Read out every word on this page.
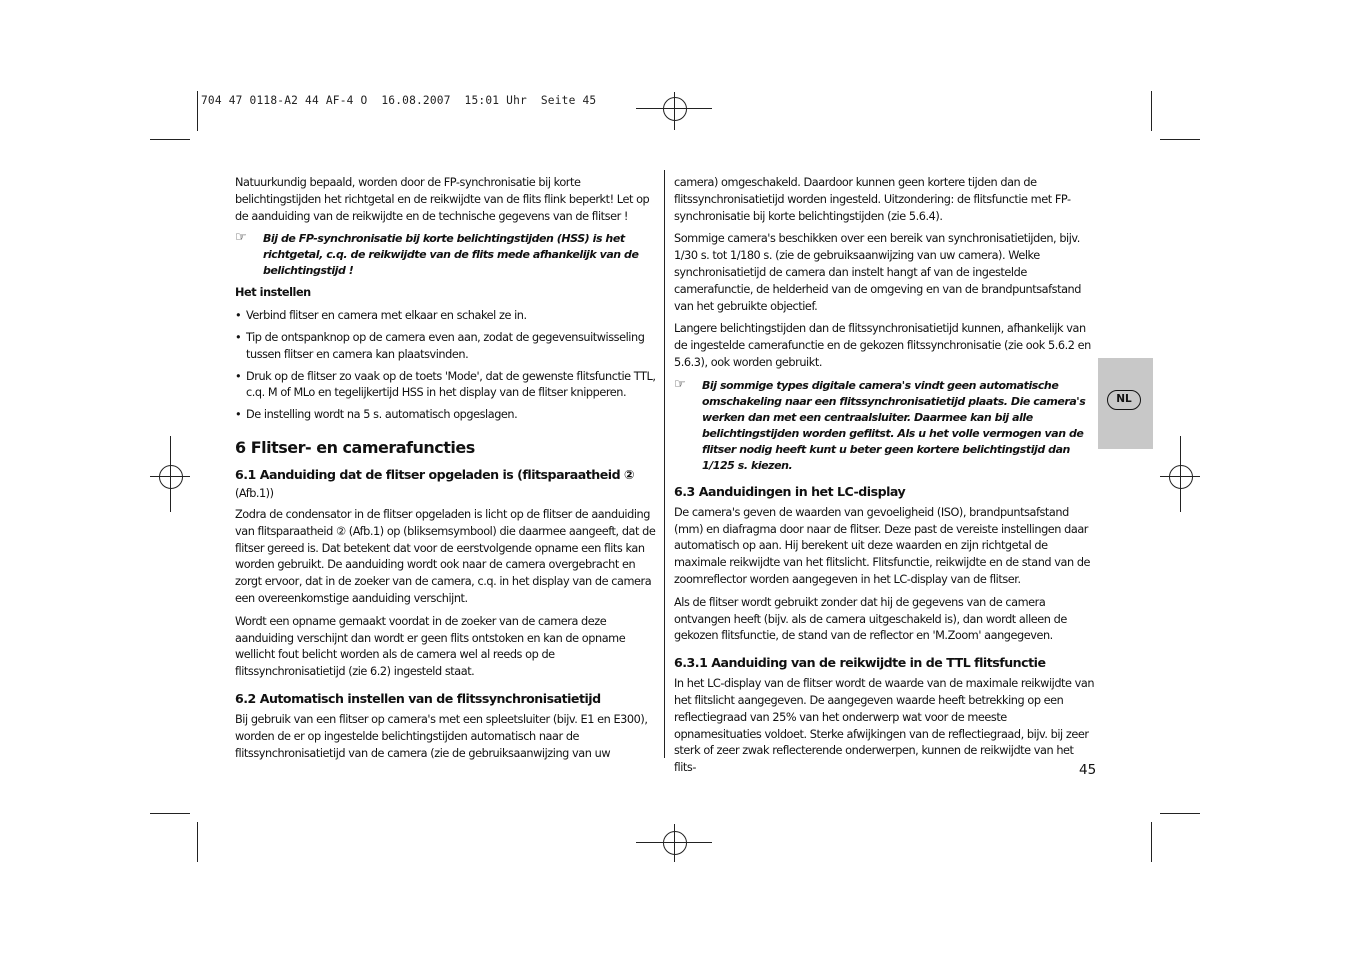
704 47 0118-A2 44 AF-4 O  16.08.2007  15:01 Uhr  Seite 45

Natuurkundig bepaald, worden door de FP-synchronisatie bij korte belichtingstijden het richtgetal en de reikwijdte van de flits flink beperkt! Let op de aanduiding van de reikwijdte en de technische gegevens van de flitser !

☞ Bij de FP-synchronisatie bij korte belichtingstijden (HSS) is het richtgetal, c.q. de reikwijdte van de flits mede afhankelijk van de belichtingstijd !
Het instellen
• Verbind flitser en camera met elkaar en schakel ze in.
• Tip de ontspanknop op de camera even aan, zodat de gegevensuitwisseling tussen flitser en camera kan plaatsvinden.
• Druk op de flitser zo vaak op de toets 'Mode', dat de gewenste flitsfunctie TTL, c.q. M of MLo en tegelijkertijd HSS in het display van de flitser knipperen.
• De instelling wordt na 5 s. automatisch opgeslagen.
6 Flitser- en camerafuncties
6.1 Aanduiding dat de flitser opgeladen is (flitsparaatheid ② (Afb.1))

Zodra de condensator in de flitser opgeladen is licht op de flitser de aanduiding van flitsparaatheid ② (Afb.1) op (bliksemsymbool) die daarmee aangeeft, dat de flitser gereed is. Dat betekent dat voor de eerstvolgende opname een flits kan worden gebruikt. De aanduiding wordt ook naar de camera overgebracht en zorgt ervoor, dat in de zoeker van de camera, c.q. in het display van de camera een overeenkomstige aanduiding verschijnt.

Wordt een opname gemaakt voordat in de zoeker van de camera deze aanduiding verschijnt dan wordt er geen flits ontstoken en kan de opname wellicht fout belicht worden als de camera wel al reeds op de flitssynchronisatietijd (zie 6.2) ingesteld staat.

6.2 Automatisch instellen van de flitssynchronisatietijd

Bij gebruik van een flitser op camera's met een spleetsluiter (bijv. E1 en E300), worden de er op ingestelde belichtingstijden automatisch naar de flitssynchronisatietijd van de camera (zie de gebruiksaanwijzing van uw

camera) omgeschakeld. Daardoor kunnen geen kortere tijden dan de flitssynchronisatietijd worden ingesteld. Uitzondering: de flitsfunctie met FP-synchronisatie bij korte belichtingstijden (zie 5.6.4).

Sommige camera's beschikken over een bereik van synchronisatietijden, bijv. 1/30 s. tot 1/180 s. (zie de gebruiksaanwijzing van uw camera). Welke synchronisatietijd de camera dan instelt hangt af van de ingestelde camerafunctie, de helderheid van de omgeving en van de brandpuntsafstand van het gebruikte objectief.

Langere belichtingstijden dan de flitssynchronisatietijd kunnen, afhankelijk van de ingestelde camerafunctie en de gekozen flitssynchronisatie (zie ook 5.6.2 en 5.6.3), ook worden gebruikt.

☞ Bij sommige types digitale camera's vindt geen automatische omschakeling naar een flitssynchronisatietijd plaats. Die camera's werken dan met een centraalsluiter. Daarmee kan bij alle belichtingstijden worden geflitst. Als u het volle vermogen van de flitser nodig heeft kunt u beter geen kortere belichtingstijd dan 1/125 s. kiezen.
6.3 Aanduidingen in het LC-display

De camera's geven de waarden van gevoeligheid (ISO), brandpuntsafstand (mm) en diafragma door naar de flitser. Deze past de vereiste instellingen daar automatisch op aan. Hij berekent uit deze waarden en zijn richtgetal de maximale reikwijdte van het flitslicht. Flitsfunctie, reikwijdte en de stand van de zoomreflector worden aangegeven in het LC-display van de flitser.

Als de flitser wordt gebruikt zonder dat hij de gegevens van de camera ontvangen heeft (bijv. als de camera uitgeschakeld is), dan wordt alleen de gekozen flitsfunctie, de stand van de reflector en 'M.Zoom' aangegeven.

6.3.1 Aanduiding van de reikwijdte in de TTL flitsfunctie

In het LC-display van de flitser wordt de waarde van de maximale reikwijdte van het flitslicht aangegeven. De aangegeven waarde heeft betrekking op een reflectiegraad van 25% van het onderwerp wat voor de meeste opnamesituaties voldoet. Sterke afwijkingen van de reflectiegraad, bijv. bij zeer sterk of zeer zwak reflecterende onderwerpen, kunnen de reikwijdte van het flits-

NL
45
